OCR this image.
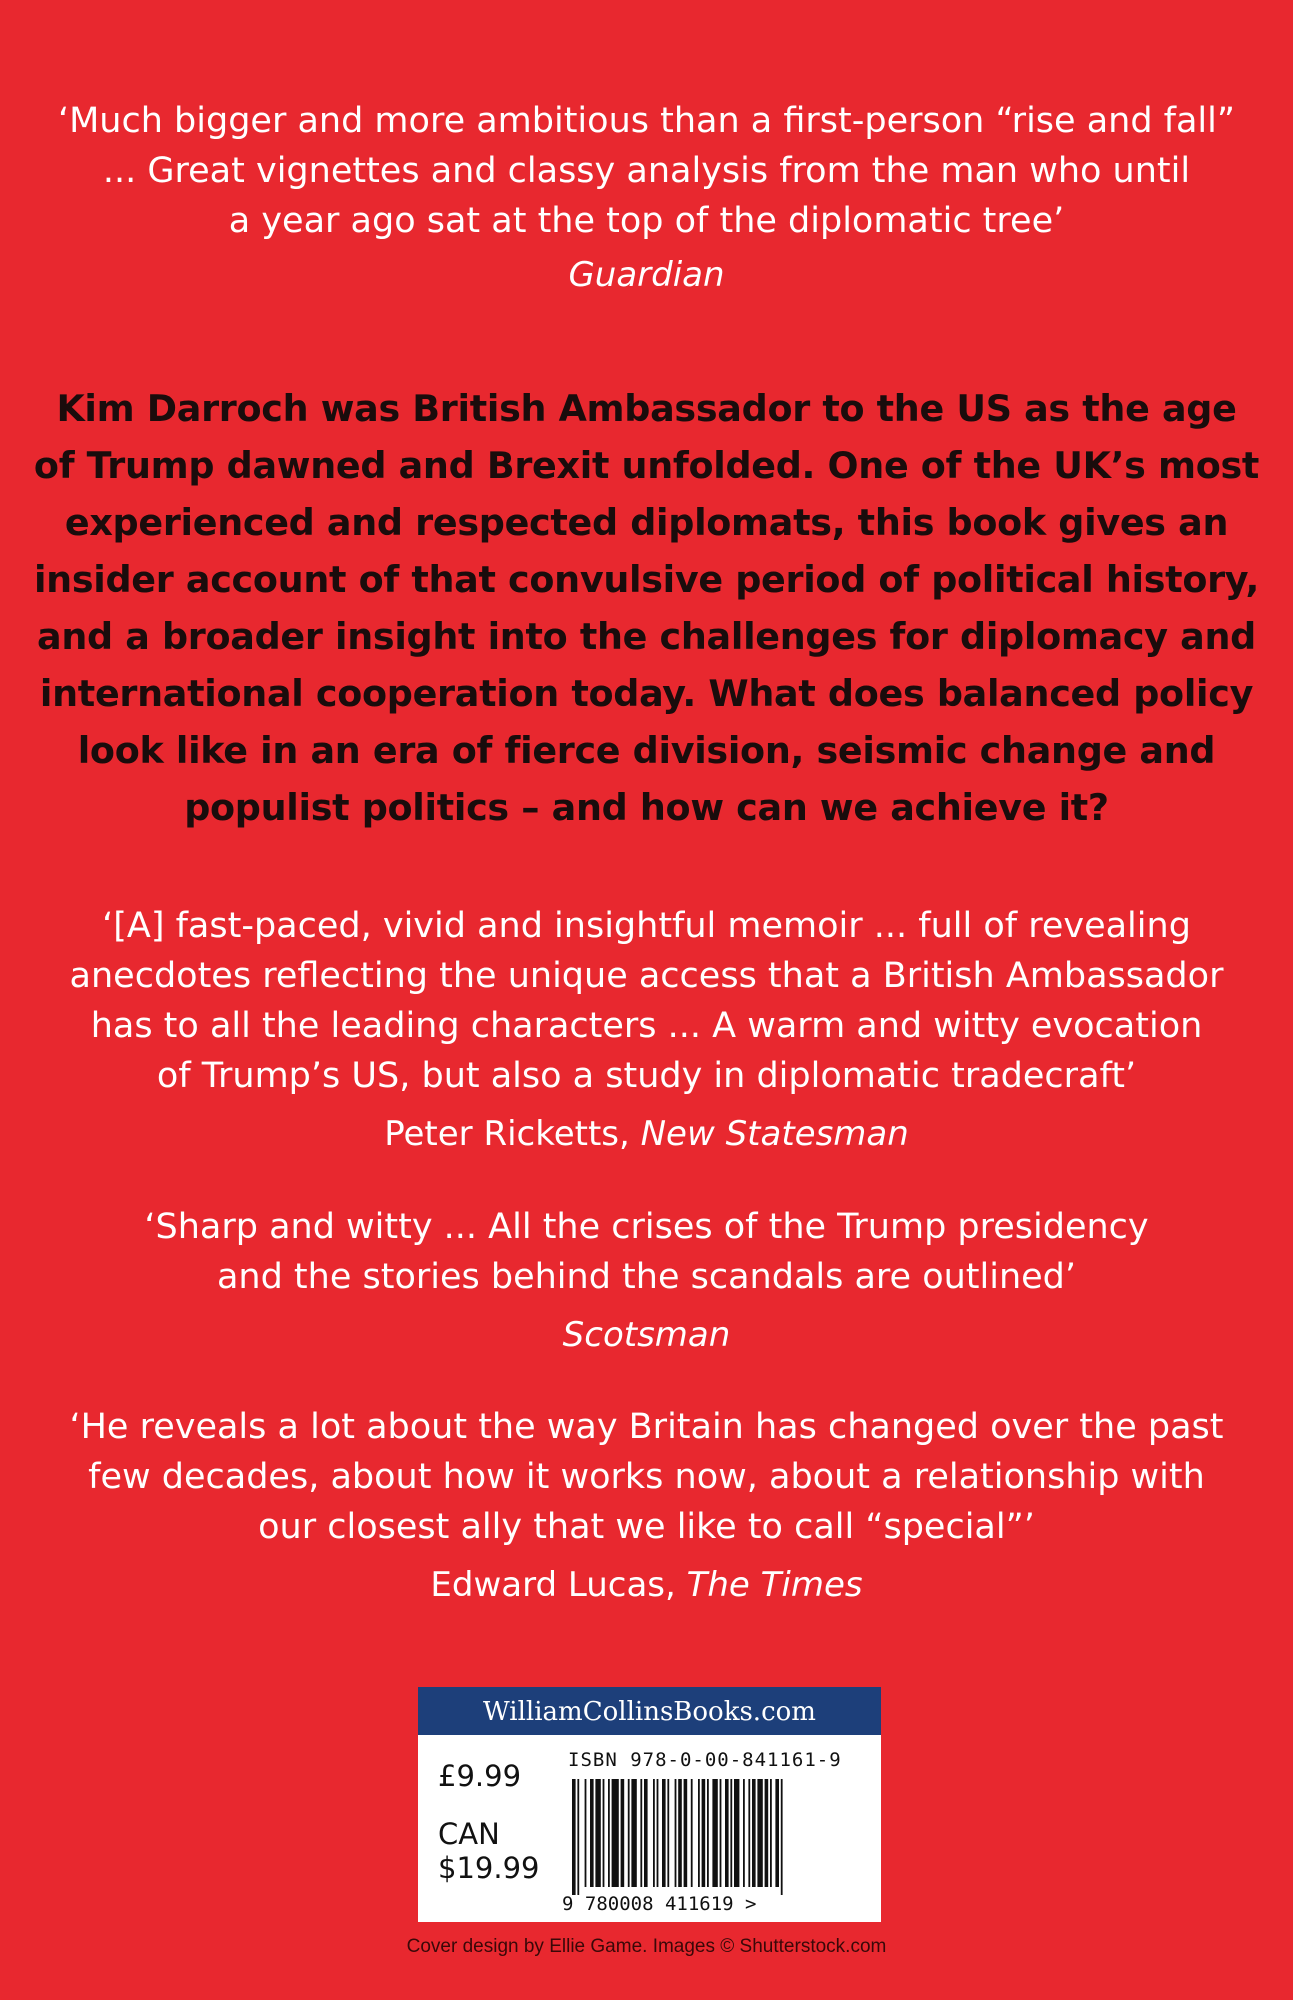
‘Much bigger and more ambitious than a first-person “rise and fall”
... Great vignettes and classy analysis from the man who until
a year ago sat at the top of the diplomatic tree’
Guardian
Kim Darroch was British Ambassador to the US as the age
of Trump dawned and Brexit unfolded. One of the UK’s most
experienced and respected diplomats, this book gives an
insider account of that convulsive period of political history,
and a broader insight into the challenges for diplomacy and
international cooperation today. What does balanced policy
look like in an era of fierce division, seismic change and
populist politics – and how can we achieve it?
‘[A] fast-paced, vivid and insightful memoir ... full of revealing
anecdotes reflecting the unique access that a British Ambassador
has to all the leading characters ... A warm and witty evocation
of Trump’s US, but also a study in diplomatic tradecraft’
Peter Ricketts, New Statesman
‘Sharp and witty ... All the crises of the Trump presidency
and the stories behind the scandals are outlined’
Scotsman
‘He reveals a lot about the way Britain has changed over the past
few decades, about how it works now, about a relationship with
our closest ally that we like to call “special”’
Edward Lucas, The Times
WilliamCollinsBooks.com
£9.99
CAN
$19.99
ISBN 978-0-00-841161-9
9 780008 411619 >
Cover design by Ellie Game. Images © Shutterstock.com
